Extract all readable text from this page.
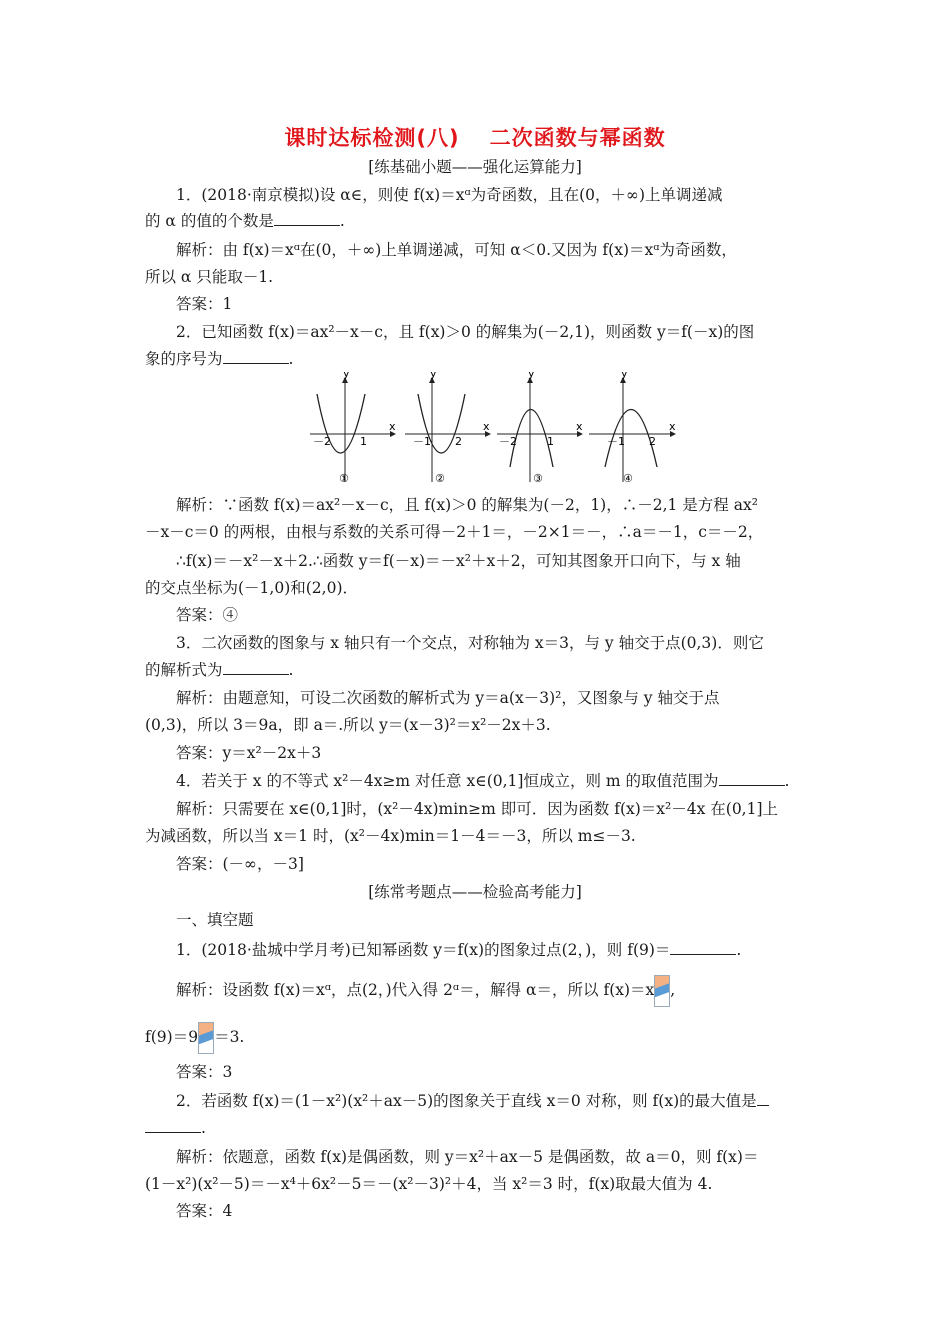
课时达标检测(八) 二次函数与幂函数
[练基础小题——强化运算能力]
1．(2018·南京模拟)设 α∈，则使 f(x)＝xᵅ为奇函数，且在(0，＋∞)上单调递减
的 α 的值的个数是	.
解析：由 f(x)＝xᵅ在(0，＋∞)上单调递减，可知 α＜0.又因为 f(x)＝xᵅ为奇函数，
所以 α 只能取－1.
答案：1
2．已知函数 f(x)＝ax²－x－c，且 f(x)＞0 的解集为(－2,1)，则函数 y＝f(－x)的图
象的序号为	.
y
x
－2	1
①
y
x
－1 2
②
y
x
－2	1
③
y
x
－1 2
④
解析：∵函数 f(x)＝ax²－x－c，且 f(x)＞0 的解集为(－2，1)，∴－2,1 是方程 ax²
－x－c＝0 的两根，由根与系数的关系可得－2＋1＝，－2×1＝－，∴a＝－1，c＝－2，
∴f(x)＝－x²－x＋2.∴函数 y＝f(－x)＝－x²＋x＋2，可知其图象开口向下，与 x 轴
的交点坐标为(－1,0)和(2,0)．
答案：④
3．二次函数的图象与 x 轴只有一个交点，对称轴为 x＝3，与 y 轴交于点(0,3)．则它
的解析式为	.
解析：由题意知，可设二次函数的解析式为 y＝a(x－3)²，又图象与 y 轴交于点
(0,3)，所以 3＝9a，即 a＝.所以 y＝(x－3)²＝x²－2x＋3.
答案：y＝x²－2x＋3
4．若关于 x 的不等式 x²－4x≥m 对任意 x∈(0,1]恒成立，则 m 的取值范围为	.
解析：只需要在 x∈(0,1]时，(x²－4x)min≥m 即可．因为函数 f(x)＝x²－4x 在(0,1]上
为减函数，所以当 x＝1 时，(x²－4x)min＝1－4＝－3，所以 m≤－3.
答案：(－∞，－3]
[练常考题点——检验高考能力]
一、填空题
1．(2018·盐城中学月考)已知幂函数 y＝f(x)的图象过点(2，)，则 f(9)＝	.
解析：设函数 f(x)＝xᵅ，点(2，)代入得 2ᵅ＝，解得 α＝，所以 f(x)＝x ,
f(9)＝9 ＝3.
答案：3
2．若函数 f(x)＝(1－x²)(x²＋ax－5)的图象关于直线 x＝0 对称，则 f(x)的最大值是
.
解析：依题意，函数 f(x)是偶函数，则 y＝x²＋ax－5 是偶函数，故 a＝0，则 f(x)＝
(1－x²)(x²－5)＝－x⁴＋6x²－5＝－(x²－3)²＋4，当 x²＝3 时，f(x)取最大值为 4.
答案：4
